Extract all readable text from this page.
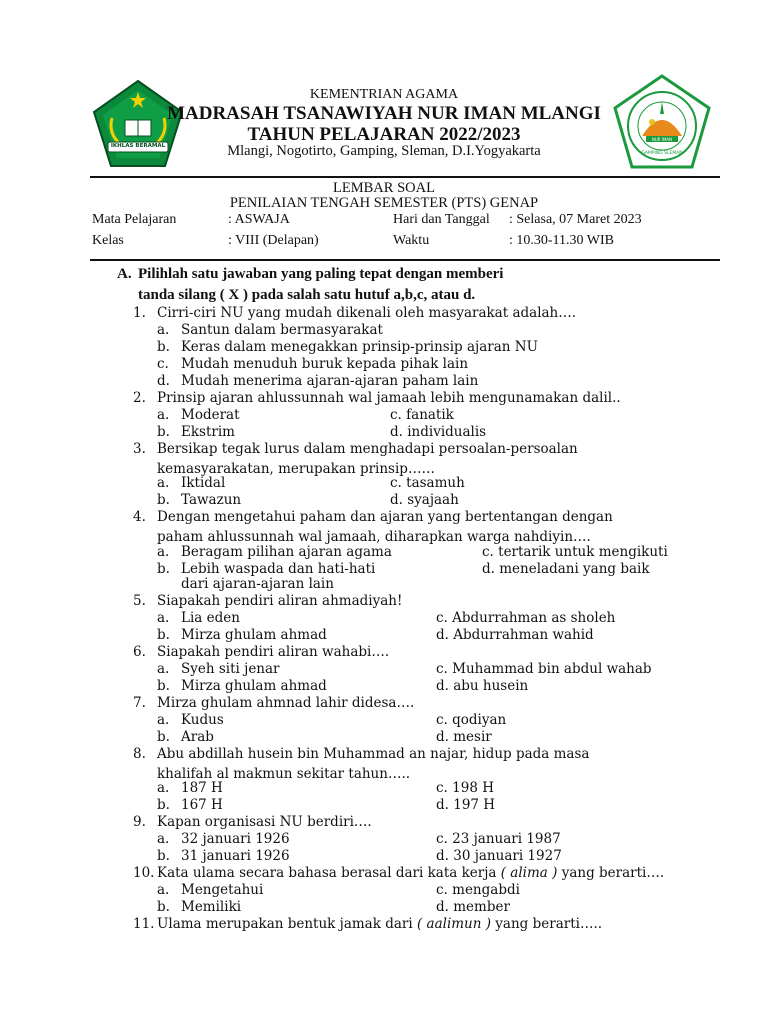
IKHLAS BERAMAL
NUR IMAN
GAMPING SLEMAN
KEMENTRIAN AGAMA
MADRASAH TSANAWIYAH NUR IMAN MLANGI
TAHUN PELAJARAN 2022/2023
Mlangi, Nogotirto, Gamping, Sleman, D.I.Yogyakarta
LEMBAR SOAL
PENILAIAN TENGAH SEMESTER (PTS) GENAP
Mata Pelajaran	: ASWAJA	Hari dan Tanggal : Selasa, 07 Maret 2023
Kelas	: VIII (Delapan)	Waktu	: 10.30-11.30 WIB
A. Pilihlah satu jawaban yang paling tepat dengan memberi
tanda silang ( X ) pada salah satu hutuf a,b,c, atau d.
1. Cirri-ciri NU yang mudah dikenali oleh masyarakat adalah….
a. Santun dalam bermasyarakat
b. Keras dalam menegakkan prinsip-prinsip ajaran NU
c. Mudah menuduh buruk kepada pihak lain
d. Mudah menerima ajaran-ajaran paham lain
2. Prinsip ajaran ahlussunnah wal jamaah lebih mengunamakan dalil..
a. Moderat	c. fanatik
b. Ekstrim	d. individualis
3. Bersikap tegak lurus dalam menghadapi persoalan-persoalan
kemasyarakatan, merupakan prinsip……
a. Iktidal	c. tasamuh
b. Tawazun	d. syajaah
4. Dengan mengetahui paham dan ajaran yang bertentangan dengan
paham ahlussunnah wal jamaah, diharapkan warga nahdiyin….
a. Beragam pilihan ajaran agama	c. tertarik untuk mengikuti
b. Lebih waspada dan hati-hati	d. meneladani yang baik
dari ajaran-ajaran lain
5. Siapakah pendiri aliran ahmadiyah!
a. Lia eden	c. Abdurrahman as sholeh
b. Mirza ghulam ahmad	d. Abdurrahman wahid
6. Siapakah pendiri aliran wahabi….
a. Syeh siti jenar	c. Muhammad bin abdul wahab
b. Mirza ghulam ahmad	d. abu husein
7. Mirza ghulam ahmnad lahir didesa….
a. Kudus	c. qodiyan
b. Arab	d. mesir
8. Abu abdillah husein bin Muhammad an najar, hidup pada masa
khalifah al makmun sekitar tahun…..
a. 187 H	c. 198 H
b. 167 H	d. 197 H
9. Kapan organisasi NU berdiri….
a. 32 januari 1926	c. 23 januari 1987
b. 31 januari 1926	d. 30 januari 1927
10. Kata ulama secara bahasa berasal dari kata kerja ( alima ) yang berarti….
a. Mengetahui	c. mengabdi
b. Memiliki	d. member
11. Ulama merupakan bentuk jamak dari ( aalimun ) yang berarti…..
